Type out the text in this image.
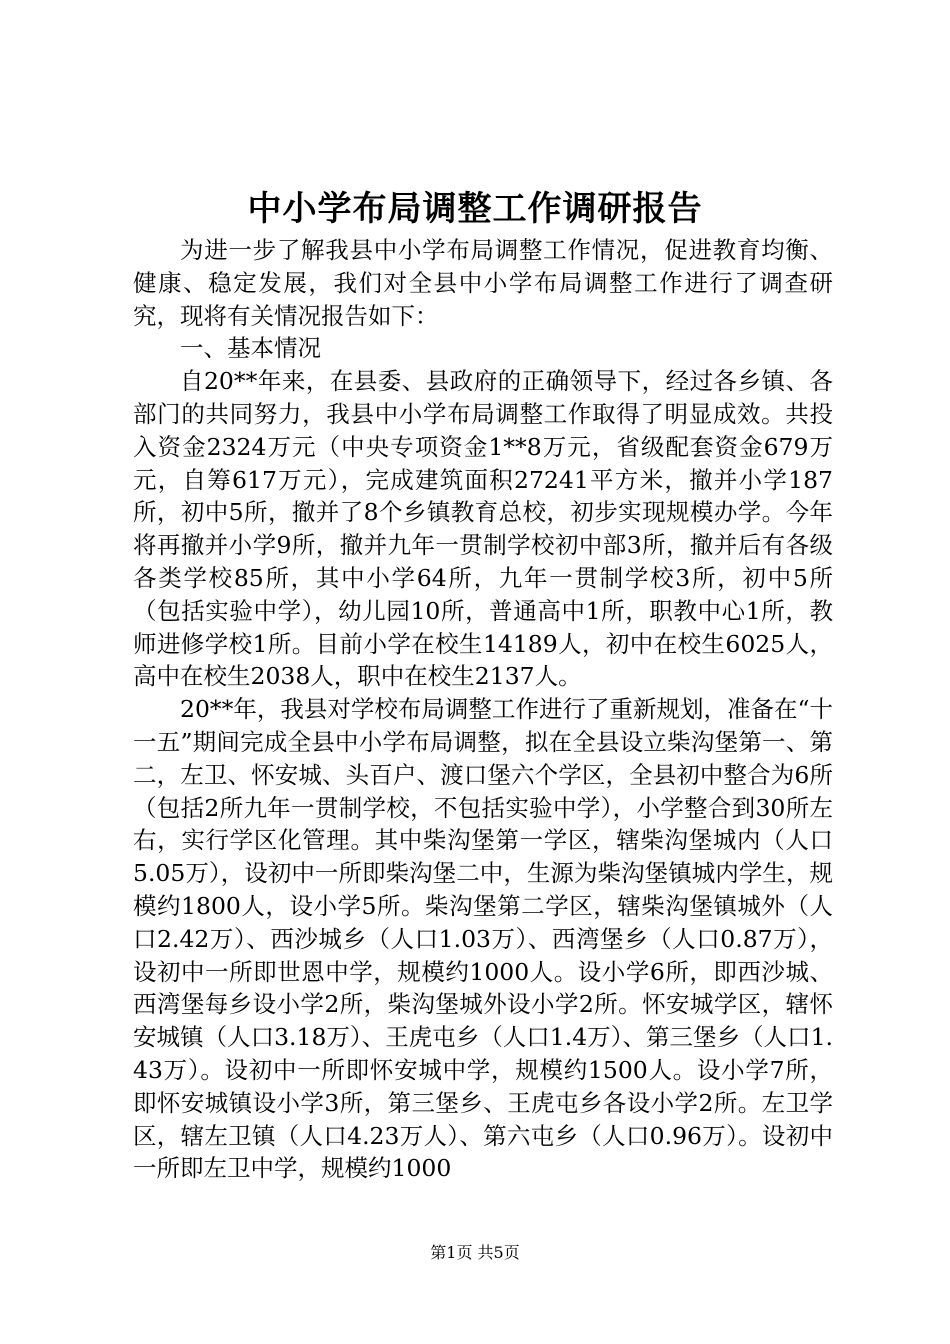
中小学布局调整工作调研报告

为进一步了解我县中小学布局调整工作情况，促进教育均衡、健康、稳定发展，我们对全县中小学布局调整工作进行了调查研究，现将有关情况报告如下：

一、基本情况

自20**年来，在县委、县政府的正确领导下，经过各乡镇、各部门的共同努力，我县中小学布局调整工作取得了明显成效。共投入资金2324万元（中央专项资金1**8万元，省级配套资金679万元，自筹617万元），完成建筑面积27241平方米，撤并小学187所，初中5所，撤并了8个乡镇教育总校，初步实现规模办学。今年将再撤并小学9所，撤并九年一贯制学校初中部3所，撤并后有各级各类学校85所，其中小学64所，九年一贯制学校3所，初中5所（包括实验中学），幼儿园10所，普通高中1所，职教中心1所，教师进修学校1所。目前小学在校生14189人，初中在校生6025人，高中在校生2038人，职中在校生2137人。

20**年，我县对学校布局调整工作进行了重新规划，准备在“十一五”期间完成全县中小学布局调整，拟在全县设立柴沟堡第一、第二，左卫、怀安城、头百户、渡口堡六个学区，全县初中整合为6所（包括2所九年一贯制学校，不包括实验中学），小学整合到30所左右，实行学区化管理。其中柴沟堡第一学区，辖柴沟堡城内（人口5.05万），设初中一所即柴沟堡二中，生源为柴沟堡镇城内学生，规模约1800人，设小学5所。柴沟堡第二学区，辖柴沟堡镇城外（人口2.42万）、西沙城乡（人口1.03万）、西湾堡乡（人口0.87万），设初中一所即世恩中学，规模约1000人。设小学6所，即西沙城、西湾堡每乡设小学2所，柴沟堡城外设小学2所。怀安城学区，辖怀安城镇（人口3.18万）、王虎屯乡（人口1.4万）、第三堡乡（人口1.43万）。设初中一所即怀安城中学，规模约1500人。设小学7所，即怀安城镇设小学3所，第三堡乡、王虎屯乡各设小学2所。左卫学区，辖左卫镇（人口4.23万人）、第六屯乡（人口0.96万）。设初中一所即左卫中学，规模约1000

第1页 共5页
